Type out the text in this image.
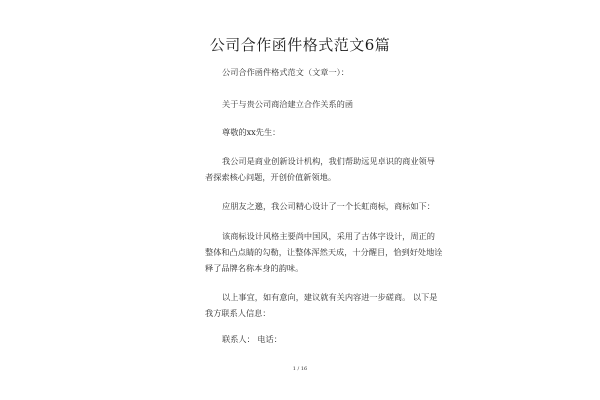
公司合作函件格式范文6篇
公司合作函件格式范文（文章一）：
关于与贵公司商洽建立合作关系的函
尊敬的xx先生：
我公司是商业创新设计机构，我们帮助远见卓识的商业领导
者探索核心问题，开创价值新领地。
应朋友之邀，我公司精心设计了一个长虹商标，商标如下：
该商标设计风格主要尚中国风，采用了古体字设计，周正的
整体和凸点睛的勾勒，让整体浑然天成，十分醒目，恰到好处地诠
释了品牌名称本身的韵味。
以上事宜，如有意向，建议就有关内容进一步磋商。 以下是
我方联系人信息：
联系人： 电话：
1 / 16
